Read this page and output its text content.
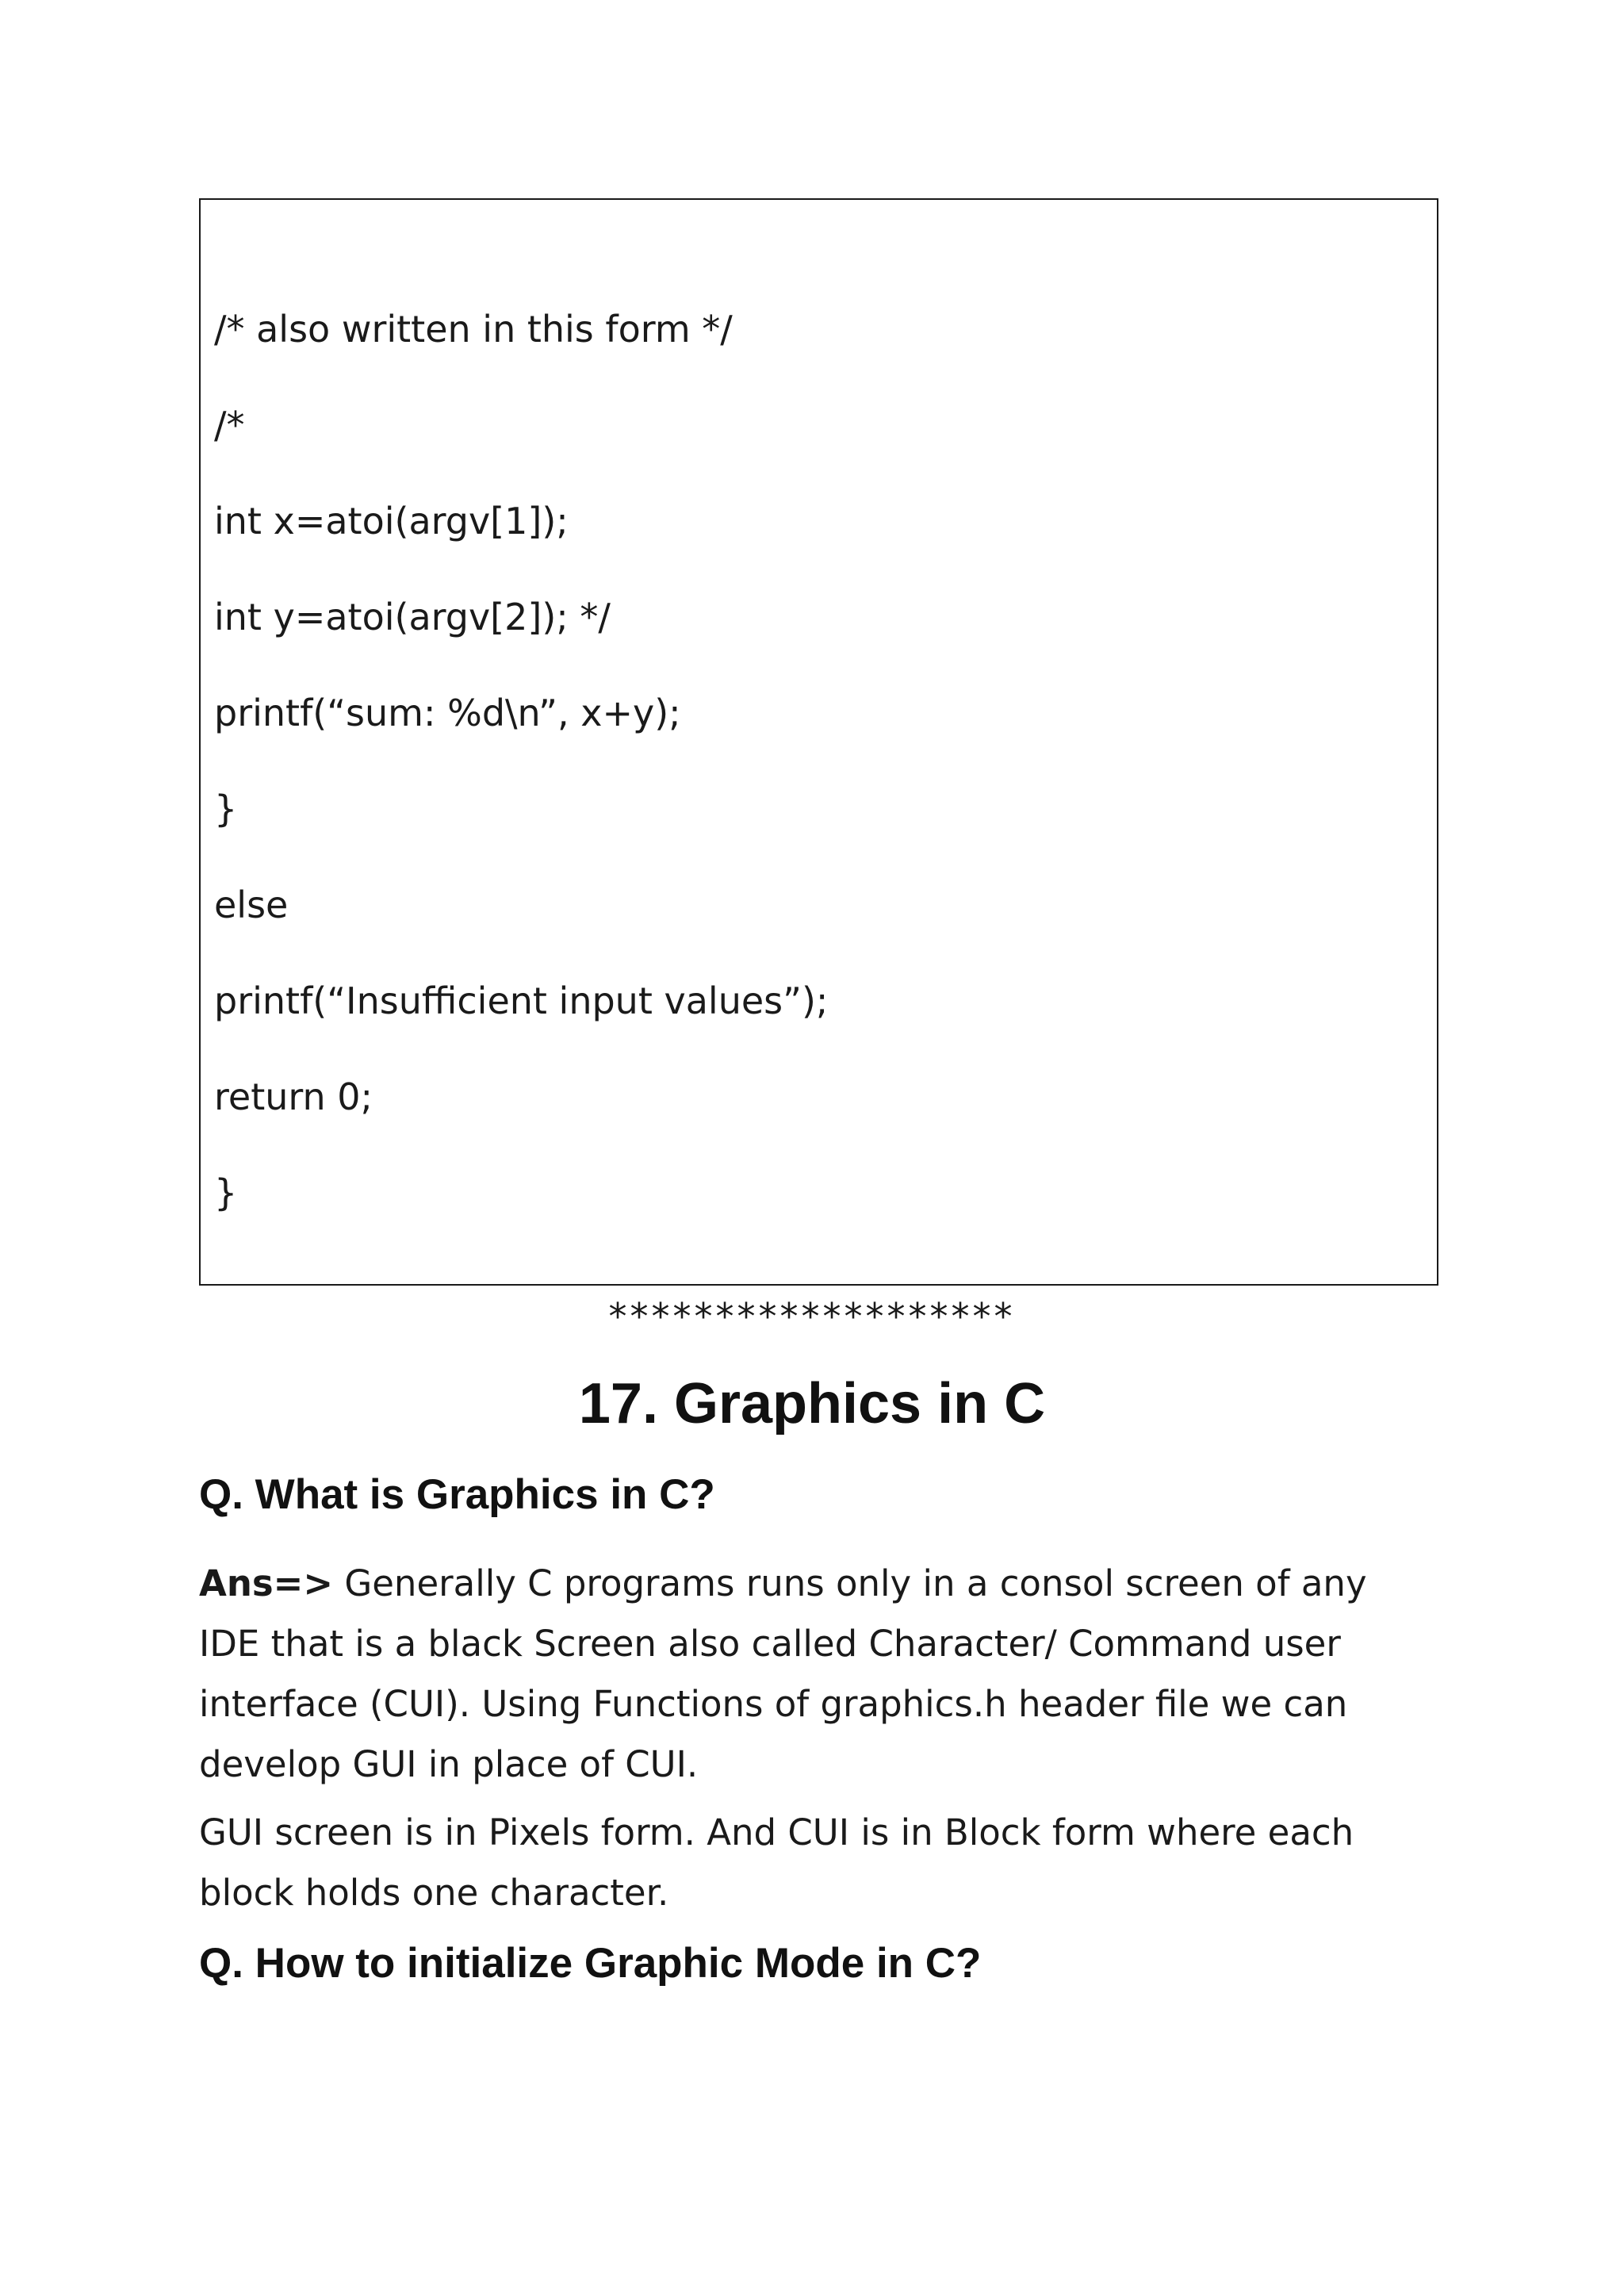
/* also written in this form */
/*
int x=atoi(argv[1]);
int y=atoi(argv[2]); */
printf(“sum: %d\n”, x+y);
}
else
printf(“Insufficient input values”);
return 0;
}
*******************
17. Graphics in C
Q. What is Graphics in C?
Ans=> Generally C programs runs only in a consol screen of any
IDE that is a black Screen also called Character/ Command user
interface (CUI). Using Functions of graphics.h header file we can
develop GUI in place of CUI.
GUI screen is in Pixels form. And CUI is in Block form where each
block holds one character.
Q. How to initialize Graphic Mode in C?
